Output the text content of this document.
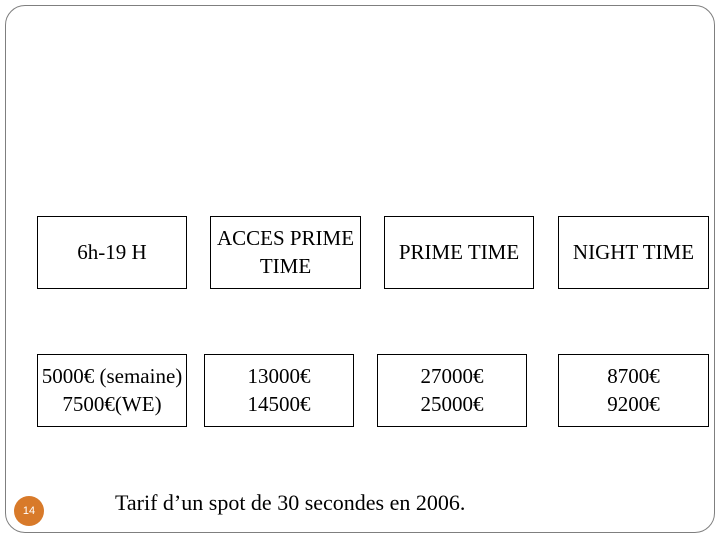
6h-19 H
ACCES PRIME
TIME
PRIME TIME	NIGHT TIME
5000€ (semaine)
7500€(WE)
13000€
14500€
27000€
25000€
8700€
9200€
Tarif d’un spot de 30 secondes en 2006.
14
